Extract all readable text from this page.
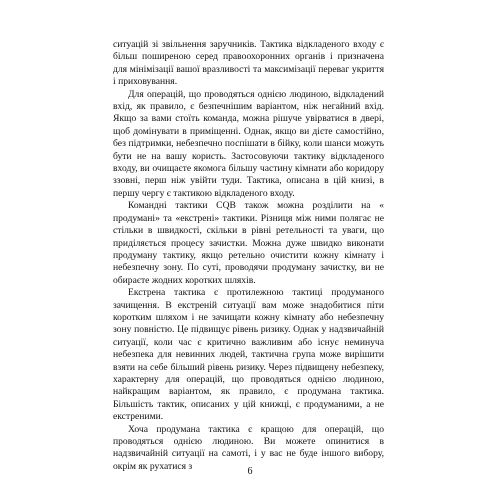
ситуацій зі звільнення заручників. Тактика відкладеного входу є більш поширеною серед правоохоронних органів і призначена для мінімізації вашої вразливості та максимізації переваг укриття і приховування.

Для операцій, що проводяться однією людиною, відкладений вхід, як правило, є безпечнішим варіантом, ніж негайний вхід. Якщо за вами стоїть команда, можна рішуче увірватися в двері, щоб домінувати в приміщенні. Однак, якщо ви дієте самостійно, без підтримки, небезпечно поспішати в бійку, коли шанси можуть бути не на вашу користь. Застосовуючи тактику відкладеного входу, ви очищаєте якомога більшу частину кімнати або коридору ззовні, перш ніж увійти туди. Тактика, описана в цій книзі, в першу чергу є тактикою відкладеного входу.

Командні тактики CQB також можна розділити на « продумані» та «екстрені» тактики. Різниця між ними полягає не стільки в швидкості, скільки в рівні ретельності та уваги, що приділяється процесу зачистки. Можна дуже швидко виконати продуману тактику, якщо ретельно очистити кожну кімнату і небезпечну зону. По суті, проводячи продуману зачистку, ви не обираєте жодних коротких шляхів.

Екстрена тактика є протилежною тактиці продуманого зачищення. В екстреній ситуації вам може знадобитися піти коротким шляхом і не зачищати кожну кімнату або небезпечну зону повністю. Це підвищує рівень ризику. Однак у надзвичайній ситуації, коли час є критично важливим або існує неминуча небезпека для невинних людей, тактична група може вирішити взяти на себе більший рівень ризику. Через підвищену небезпеку, характерну для операцій, що проводяться однією людиною, найкращим варіантом, як правило, є продумана тактика. Більшість тактик, описаних у цій книжці, є продуманими, а не екстреними.

Хоча продумана тактика є кращою для операцій, що проводяться однією людиною. Ви можете опинитися в надзвичайній ситуації на самоті, і у вас не буде іншого вибору, окрім як рухатися з	6
